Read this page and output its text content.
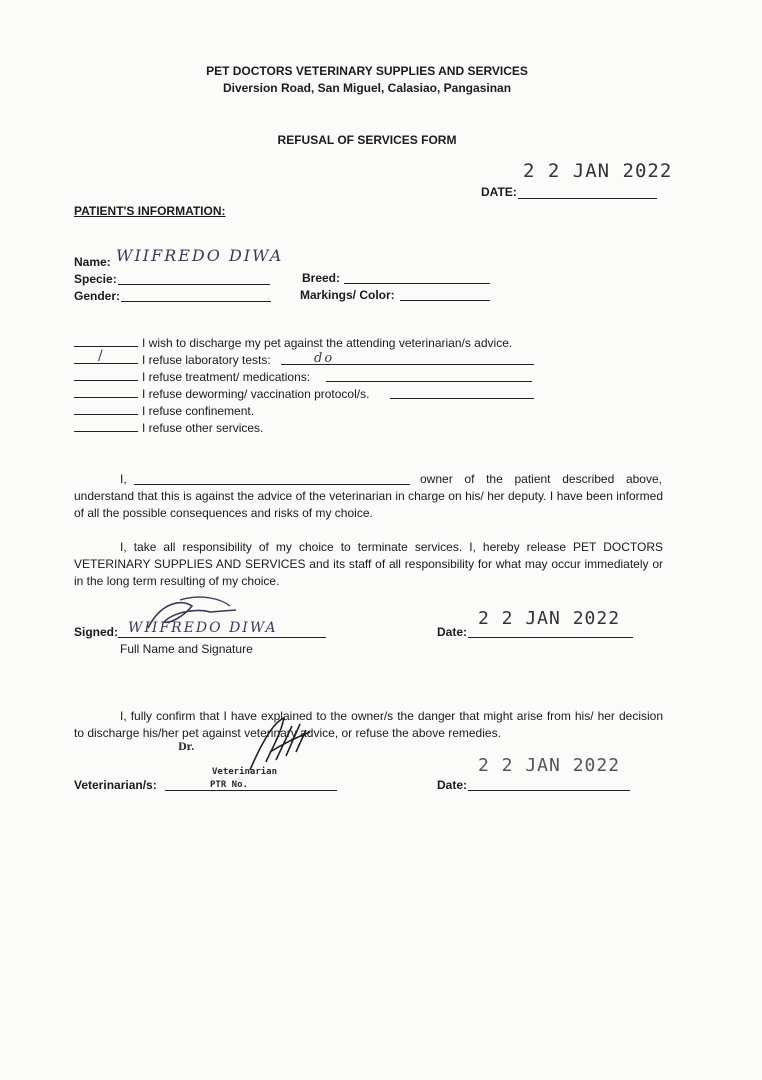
PET DOCTORS VETERINARY SUPPLIES AND SERVICES
Diversion Road, San Miguel, Calasiao, Pangasinan
REFUSAL OF SERVICES FORM
2 2 JAN 2022
DATE:
PATIENT'S INFORMATION:
Name: WIIFREDO DIWA
Specie:	Breed:
Gender:	Markings/ Color:
I wish to discharge my pet against the attending veterinarian/s advice.
/	I refuse laboratory tests:	do
I refuse treatment/ medications:
I refuse deworming/ vaccination protocol/s.
I refuse confinement.
I refuse other services.
I,	owner of the patient described above,
understand that this is against the advice of the veterinarian in charge on his/ her deputy. I have been informed of all the possible consequences and risks of my choice.
I, take all responsibility of my choice to terminate services. I, hereby release PET DOCTORS VETERINARY SUPPLIES AND SERVICES and its staff of all responsibility for what may occur immediately or in the long term resulting of my choice.
Signed: WIIFREDO DIWA
Full Name and Signature
Date:
2 2 JAN 2022
I, fully confirm that I have explained to the owner/s the danger that might arise from his/ her decision to discharge his/her pet against veterinary advice, or refuse the above remedies.
Dr.
Veterinarian
PTR No.
Veterinarian/s:	Date:
2 2 JAN 2022
